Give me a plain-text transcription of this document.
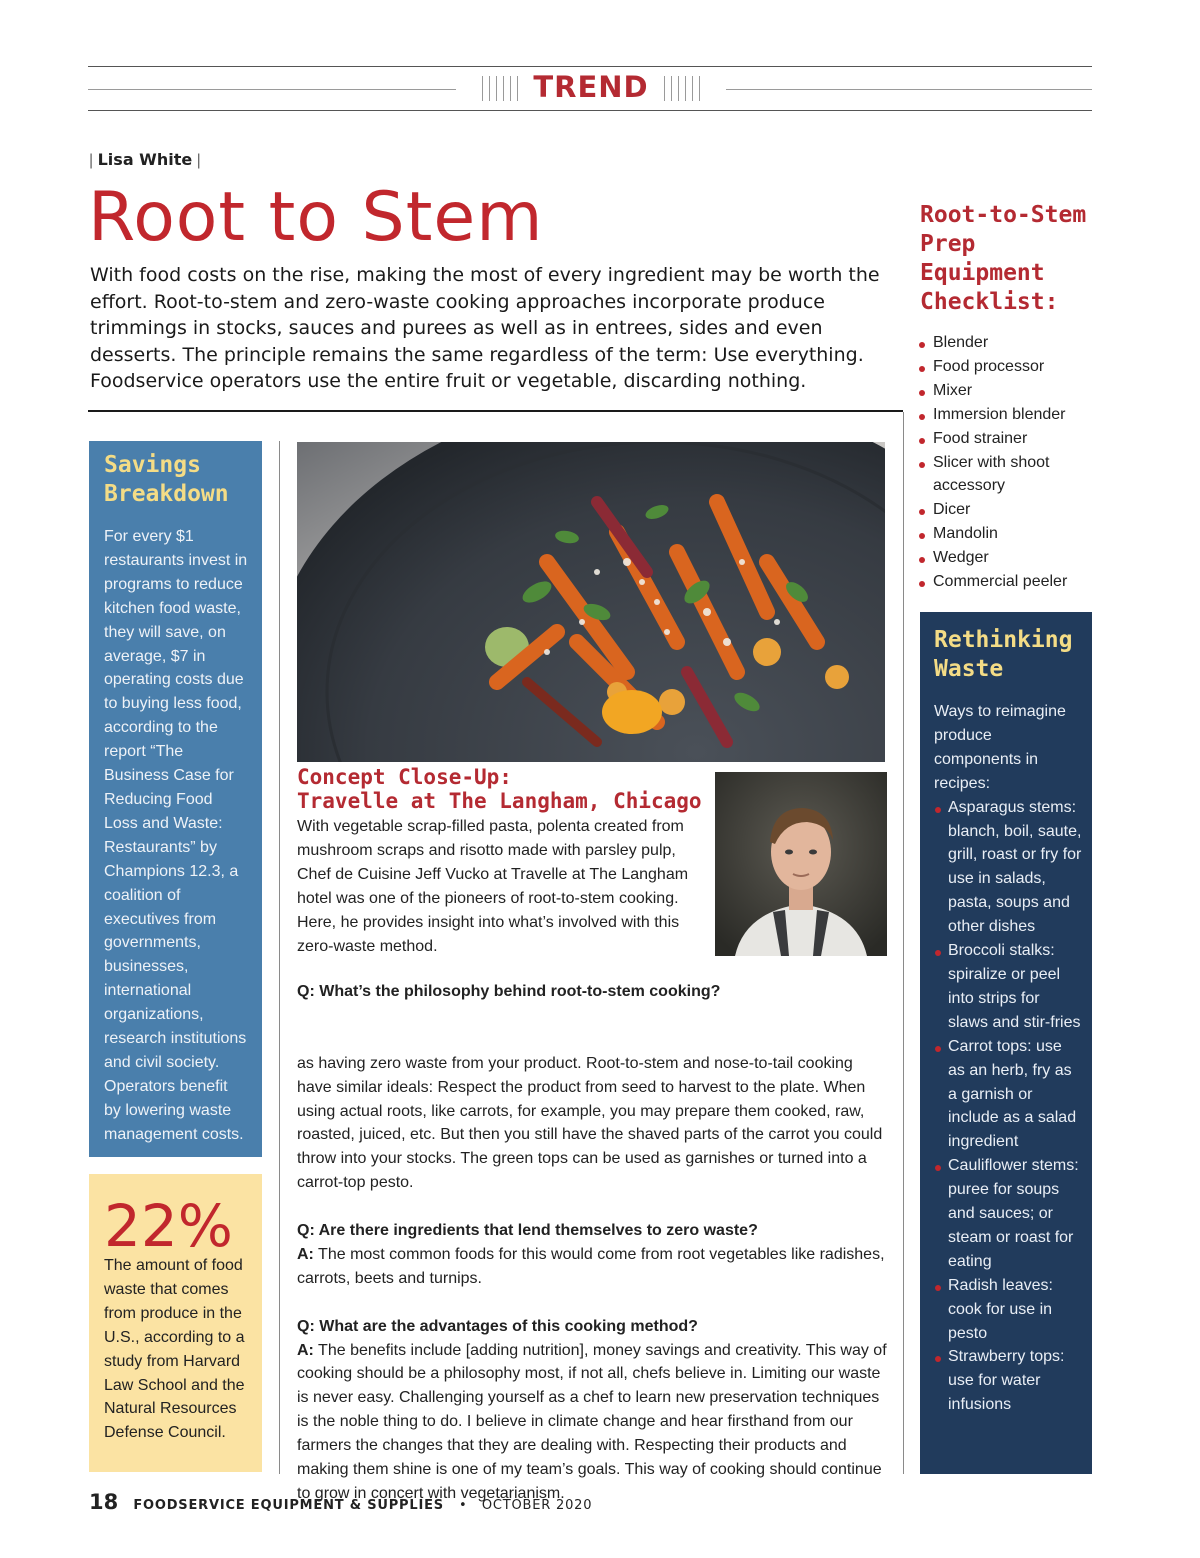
TREND
| Lisa White |
Root to Stem
With food costs on the rise, making the most of every ingredient may be worth the effort. Root-to-stem and zero-waste cooking approaches incorporate produce trimmings in stocks, sauces and purees as well as in entrees, sides and even desserts. The principle remains the same regardless of the term: Use everything. Foodservice operators use the entire fruit or vegetable, discarding nothing.
Savings Breakdown

For every $1 restaurants invest in programs to reduce kitchen food waste, they will save, on average, $7 in operating costs due to buying less food, according to the report “The Business Case for Reducing Food Loss and Waste: Restaurants” by Champions 12.3, a coalition of executives from governments, businesses, international organizations, research institutions and civil society. Operators benefit by lowering waste management costs.

22%

The amount of food waste that comes from produce in the U.S., according to a study from Harvard Law School and the Natural Resources Defense Council.

Concept Close-Up:
Travelle at The Langham, Chicago
With vegetable scrap-filled pasta, polenta created from mushroom scraps and risotto made with parsley pulp, Chef de Cuisine Jeff Vucko at Travelle at The Langham hotel was one of the pioneers of root-to-stem cooking. Here, he provides insight into what’s involved with this zero-waste method.

Q: What’s the philosophy behind root-to-stem cooking?

as having zero waste from your product. Root-to-stem and nose-to-tail cooking have similar ideals: Respect the product from seed to harvest to the plate. When using actual roots, like carrots, for example, you may prepare them cooked, raw, roasted, juiced, etc. But then you still have the shaved parts of the carrot you could throw into your stocks. The green tops can be used as garnishes or turned into a carrot-top pesto.

Q: Are there ingredients that lend themselves to zero waste?

A: The most common foods for this would come from root vegetables like radishes, carrots, beets and turnips.

Q: What are the advantages of this cooking method?

A: The benefits include [adding nutrition], money savings and creativity. This way of cooking should be a philosophy most, if not all, chefs believe in. Limiting our waste is never easy. Challenging yourself as a chef to learn new preservation techniques is the noble thing to do. I believe in climate change and hear firsthand from our farmers the changes that they are dealing with. Respecting their products and making them shine is one of my team’s goals. This way of cooking should continue to grow in concert with vegetarianism.

Root-to-Stem Prep Equipment Checklist:
Blender
Food processor
Mixer
Immersion blender
Food strainer
Slicer with shoot accessory
Dicer
Mandolin
Wedger
Commercial peeler
Rethinking Waste

Ways to reimagine produce components in recipes:

Asparagus stems: blanch, boil, saute, grill, roast or fry for use in salads, pasta, soups and other dishes
Broccoli stalks: spiralize or peel into strips for slaws and stir-fries
Carrot tops: use as an herb, fry as a garnish or include as a salad ingredient
Cauliflower stems: puree for soups and sauces; or steam or roast for eating
Radish leaves: cook for use in pesto
Strawberry tops: use for water infusions
18 FOODSERVICE EQUIPMENT & SUPPLIES • OCTOBER 2020
